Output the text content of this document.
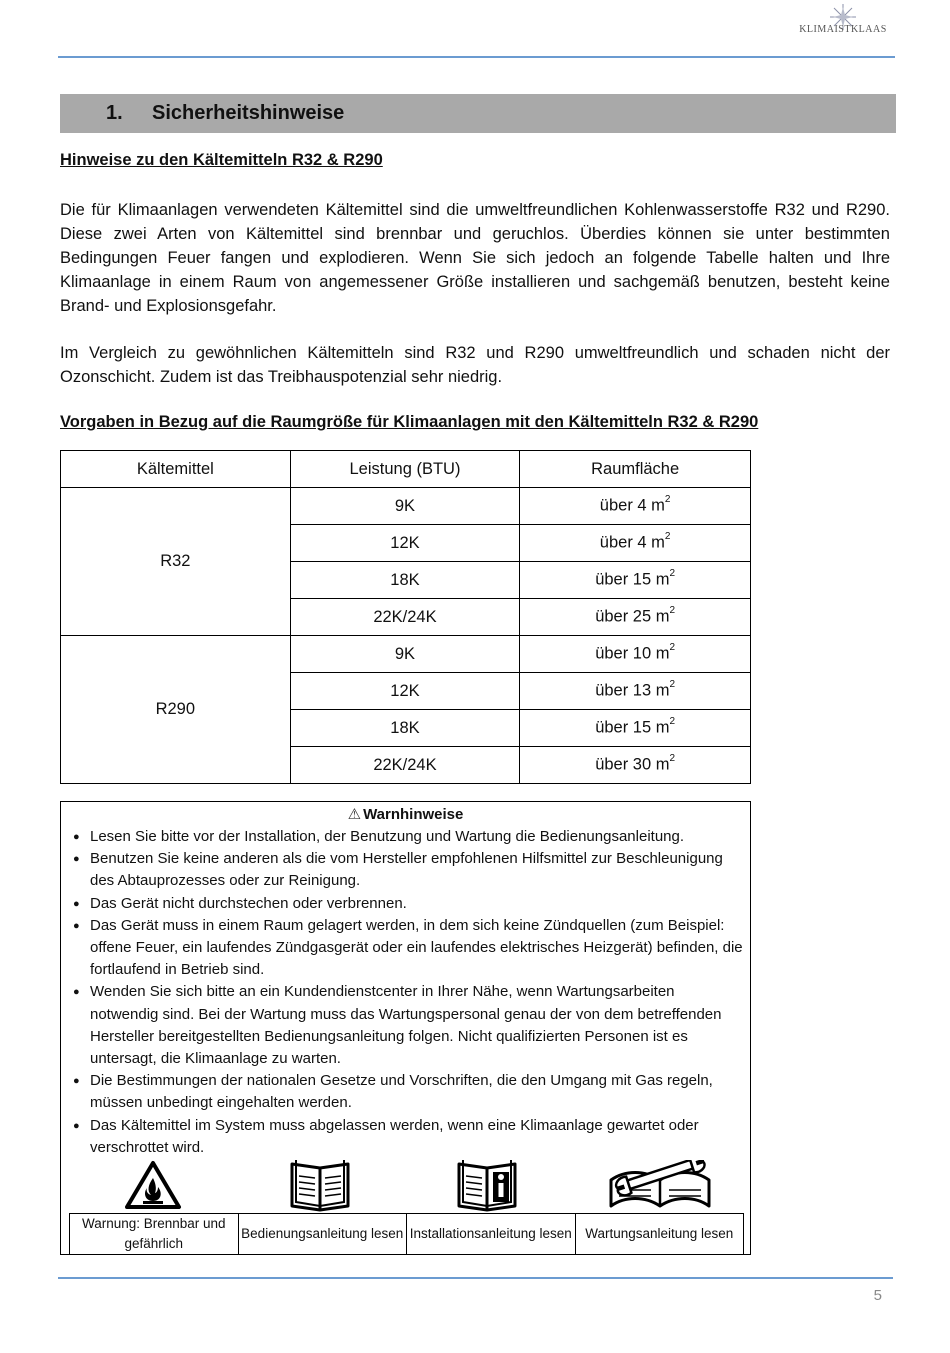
KLIMAISTKLAAS
1. Sicherheitshinweise
Hinweise zu den Kältemitteln R32 & R290

Die für Klimaanlagen verwendeten Kältemittel sind die umweltfreundlichen Kohlenwasserstoffe R32 und R290. Diese zwei Arten von Kältemittel sind brennbar und geruchlos. Überdies können sie unter bestimmten Bedingungen Feuer fangen und explodieren. Wenn Sie sich jedoch an folgende Tabelle halten und Ihre Klimaanlage in einem Raum von angemessener Größe installieren und sachgemäß benutzen, besteht keine Brand- und Explosionsgefahr.

Im Vergleich zu gewöhnlichen Kältemitteln sind R32 und R290 umweltfreundlich und schaden nicht der Ozonschicht. Zudem ist das Treibhauspotenzial sehr niedrig.

Vorgaben in Bezug auf die Raumgröße für Klimaanlagen mit den Kältemitteln R32 & R290
Kältemittel	Leistung (BTU)	Raumfläche
R32	9K	über 4 $m^2$
	12K	über 4 $m^2$
	18K	über 15 $m^2$
	22K/24K	über 25 $m^2$
R290	9K	über 10 $m^2$
	12K	über 13 $m^2$
	18K	über 15 $m^2$
	22K/24K	über 30 $m^2$
⚠ Warnhinweise
● Lesen Sie bitte vor der Installation, der Benutzung und Wartung die Bedienungsanleitung.
● Benutzen Sie keine anderen als die vom Hersteller empfohlenen Hilfsmittel zur Beschleunigung des Abtauprozesses oder zur Reinigung.
● Das Gerät nicht durchstechen oder verbrennen.
● Das Gerät muss in einem Raum gelagert werden, in dem sich keine Zündquellen (zum Beispiel: offene Feuer, ein laufendes Zündgasgerät oder ein laufendes elektrisches Heizgerät) befinden, die fortlaufend in Betrieb sind.
● Wenden Sie sich bitte an ein Kundendienstcenter in Ihrer Nähe, wenn Wartungsarbeiten notwendig sind. Bei der Wartung muss das Wartungspersonal genau der von dem betreffenden Hersteller bereitgestellten Bedienungsanleitung folgen. Nicht qualifizierten Personen ist es untersagt, die Klimaanlage zu warten.
● Die Bestimmungen der nationalen Gesetze und Vorschriften, die den Umgang mit Gas regeln, müssen unbedingt eingehalten werden.
● Das Kältemittel im System muss abgelassen werden, wenn eine Klimaanlage gewartet oder verschrottet wird.
Warnung: Brennbar und gefährlich	Bedienungsanleitung lesen	Installationsanleitung lesen	Wartungsanleitung lesen
5
